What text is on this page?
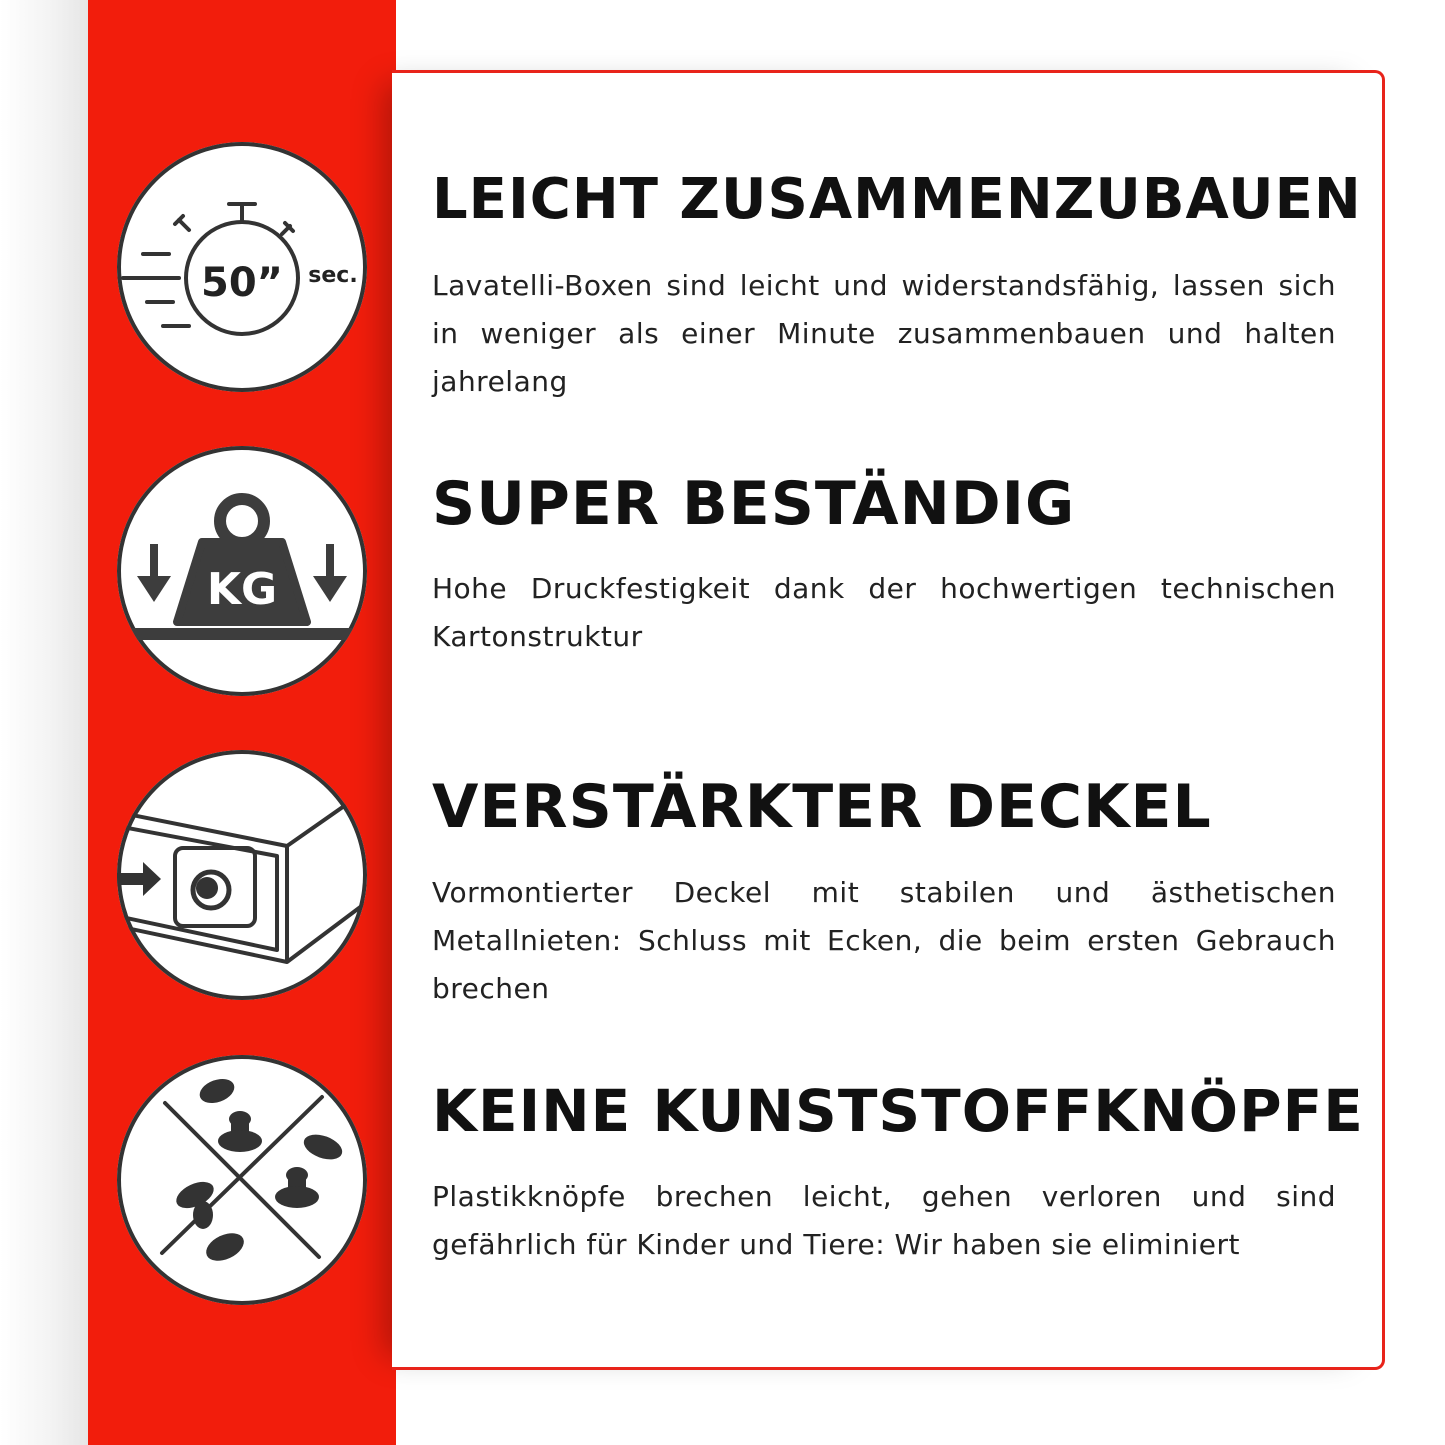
50” sec.
KG
LEICHT ZUSAMMENZUBAUEN

Lavatelli-Boxen sind leicht und widerstandsfähig, lassen sich in weniger als einer Minute zusammenbauen und halten jahrelang

SUPER BESTÄNDIG

Hohe Druckfestigkeit dank der hochwertigen technischen Kartonstruktur

VERSTÄRKTER DECKEL

Vormontierter Deckel mit stabilen und ästhetischen Metallnieten: Schluss mit Ecken, die beim ersten Gebrauch brechen

KEINE KUNSTSTOFFKNÖPFE

Plastikknöpfe brechen leicht, gehen verloren und sind gefährlich für Kinder und Tiere: Wir haben sie eliminiert
